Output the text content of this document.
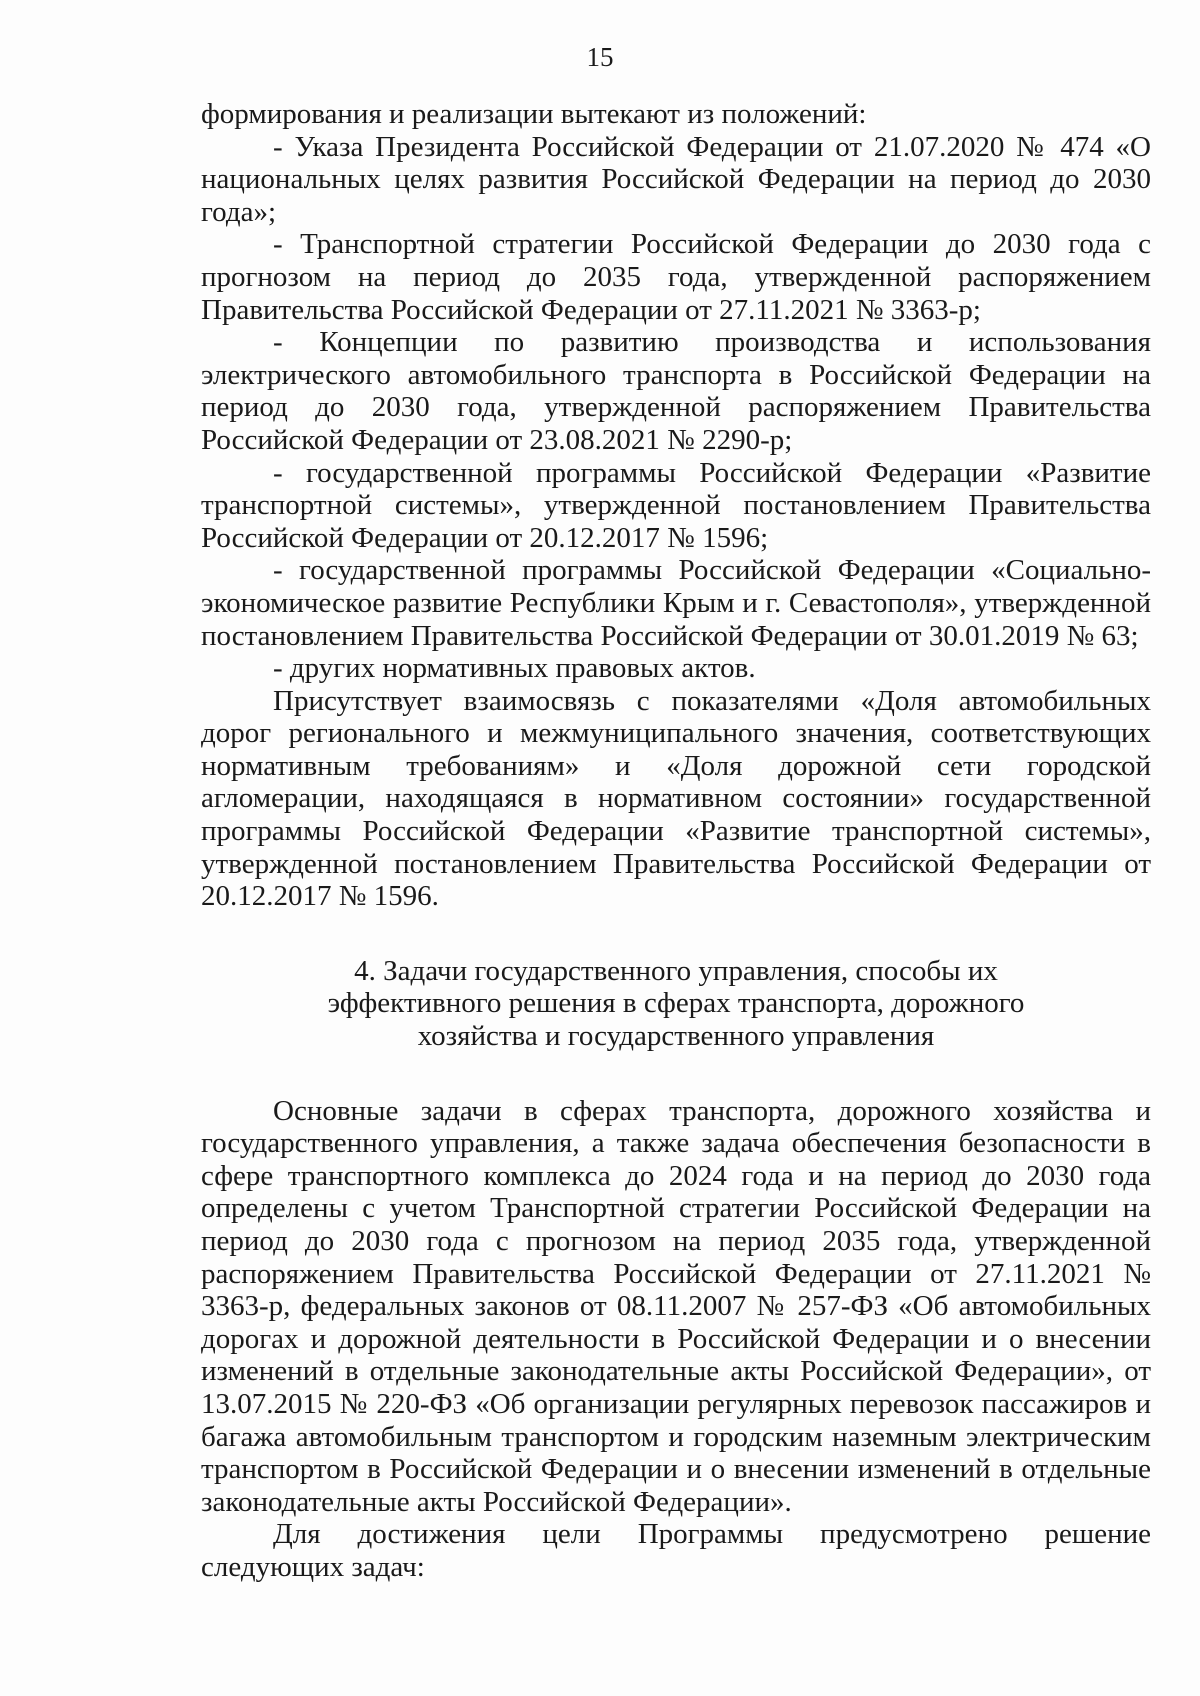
15

формирования и реализации вытекают из положений:

- Указа Президента Российской Федерации от 21.07.2020 № 474 «О национальных целях развития Российской Федерации на период до 2030 года»;

- Транспортной стратегии Российской Федерации до 2030 года с прогнозом на период до 2035 года, утвержденной распоряжением Правительства Российской Федерации от 27.11.2021 № 3363-р;

- Концепции по развитию производства и использования электрического автомобильного транспорта в Российской Федерации на период до 2030 года, утвержденной распоряжением Правительства Российской Федерации от 23.08.2021 № 2290-р;

- государственной программы Российской Федерации «Развитие транспортной системы», утвержденной постановлением Правительства Российской Федерации от 20.12.2017 № 1596;

- государственной программы Российской Федерации «Социально-экономическое развитие Республики Крым и г. Севастополя», утвержденной постановлением Правительства Российской Федерации от 30.01.2019 № 63;

- других нормативных правовых актов.

Присутствует взаимосвязь с показателями «Доля автомобильных дорог регионального и межмуниципального значения, соответствующих нормативным требованиям» и «Доля дорожной сети городской агломерации, находящаяся в нормативном состоянии» государственной программы Российской Федерации «Развитие транспортной системы», утвержденной постановлением Правительства Российской Федерации от 20.12.2017 № 1596.

4. Задачи государственного управления, способы их эффективного решения в сферах транспорта, дорожного хозяйства и государственного управления

Основные задачи в сферах транспорта, дорожного хозяйства и государственного управления, а также задача обеспечения безопасности в сфере транспортного комплекса до 2024 года и на период до 2030 года определены с учетом Транспортной стратегии Российской Федерации на период до 2030 года с прогнозом на период 2035 года, утвержденной распоряжением Правительства Российской Федерации от 27.11.2021 № 3363-р, федеральных законов от 08.11.2007 № 257-ФЗ «Об автомобильных дорогах и дорожной деятельности в Российской Федерации и о внесении изменений в отдельные законодательные акты Российской Федерации», от 13.07.2015 № 220-ФЗ «Об организации регулярных перевозок пассажиров и багажа автомобильным транспортом и городским наземным электрическим транспортом в Российской Федерации и о внесении изменений в отдельные законодательные акты Российской Федерации».

Для достижения цели Программы предусмотрено решение следующих задач:
